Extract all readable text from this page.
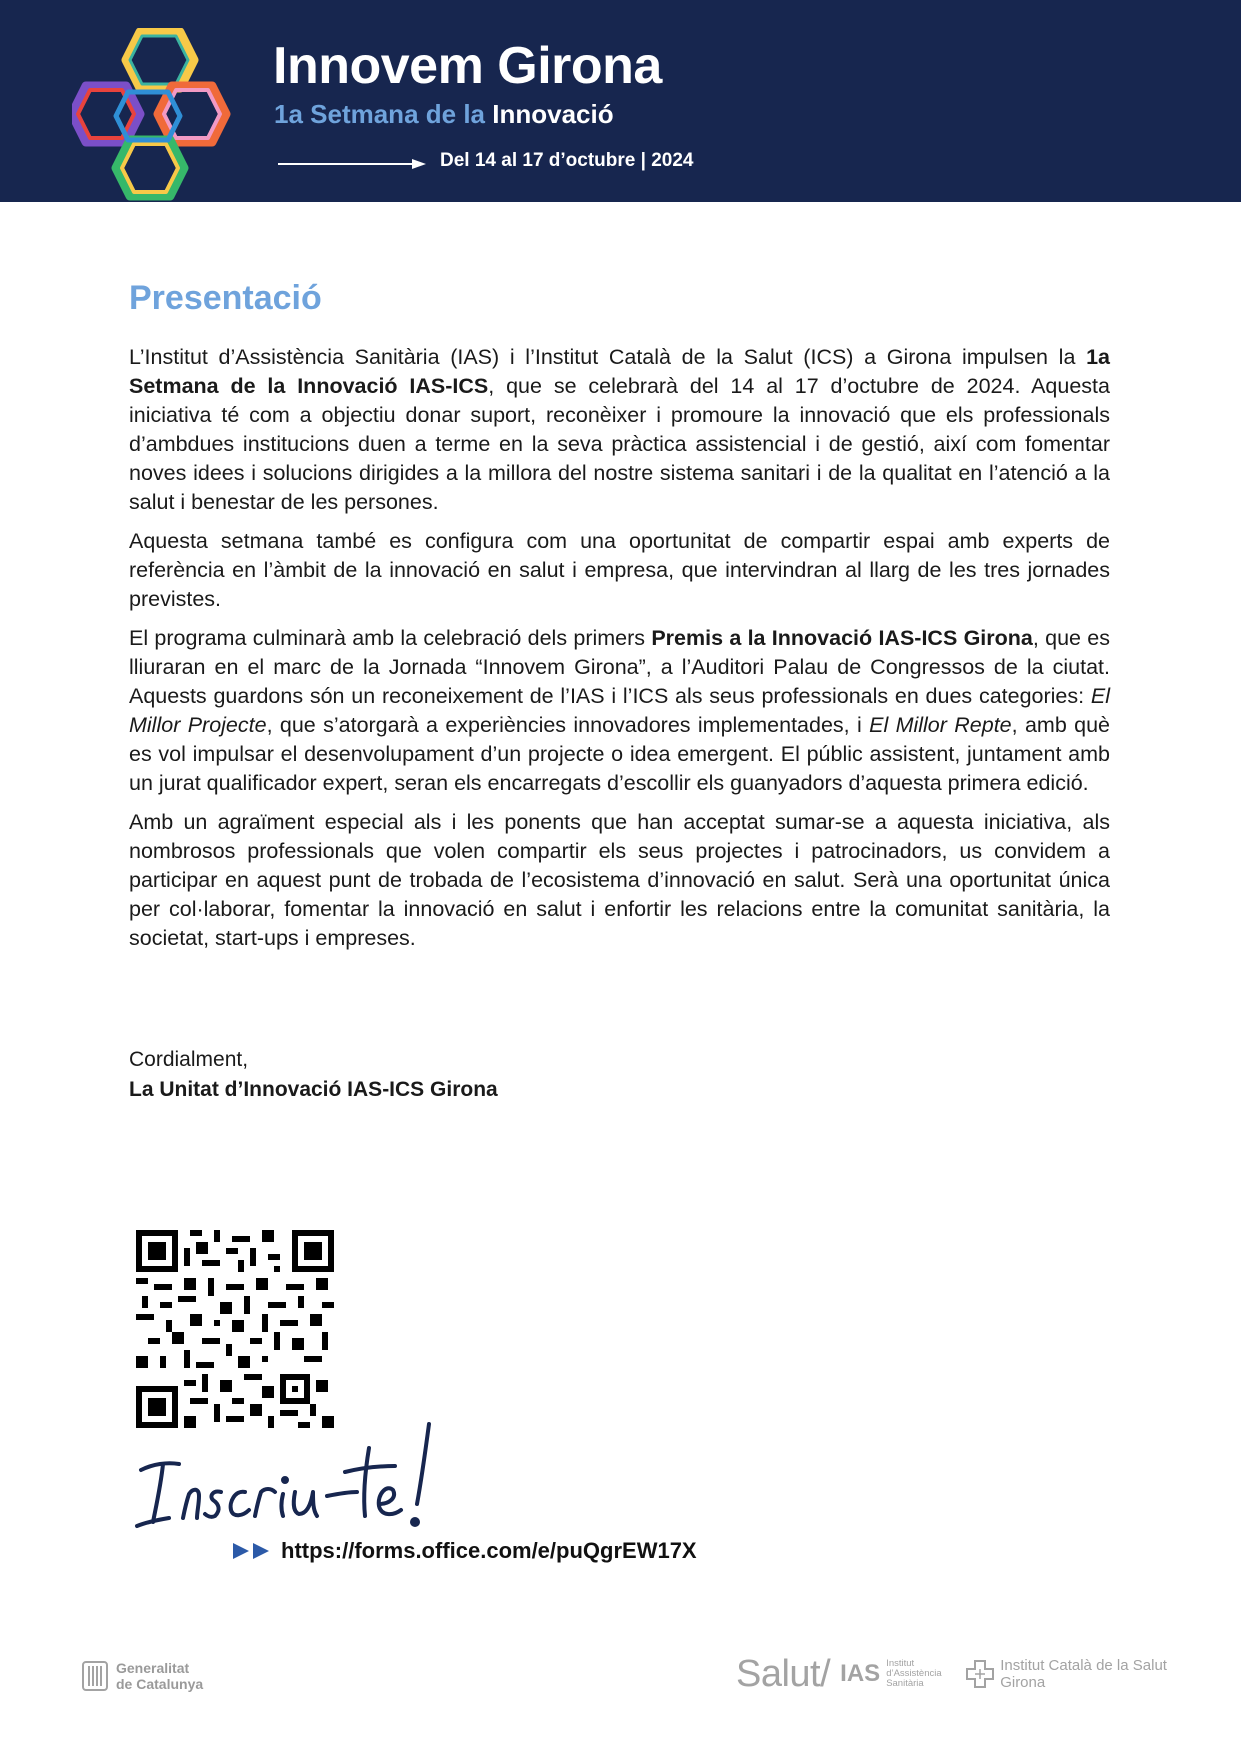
Innovem Girona
1a Setmana de la Innovació
Del 14 al 17 d’octubre | 2024
Presentació

L’Institut d’Assistència Sanitària (IAS) i l’Institut Català de la Salut (ICS) a Girona impulsen la 1a Setmana de la Innovació IAS-ICS, que se celebrarà del 14 al 17 d’octubre de 2024. Aquesta iniciativa té com a objectiu donar suport, reconèixer i promoure la innovació que els professionals d’ambdues institucions duen a terme en la seva pràctica assistencial i de gestió, així com fomentar noves idees i solucions dirigides a la millora del nostre sistema sanitari i de la qualitat en l’atenció a la salut i benestar de les persones.

Aquesta setmana també es configura com una oportunitat de compartir espai amb experts de referència en l’àmbit de la innovació en salut i empresa, que intervindran al llarg de les tres jornades previstes.

El programa culminarà amb la celebració dels primers Premis a la Innovació IAS-ICS Girona, que es lliuraran en el marc de la Jornada “Innovem Girona”, a l’Auditori Palau de Congressos de la ciutat. Aquests guardons són un reconeixement de l’IAS i l’ICS als seus professionals en dues categories: El Millor Projecte, que s’atorgarà a experiències innovadores implementades, i El Millor Repte, amb què es vol impulsar el desenvolupament d’un projecte o idea emergent. El públic assistent, juntament amb un jurat qualificador expert, seran els encarregats d’escollir els guanyadors d’aquesta primera edició.

Amb un agraïment especial als i les ponents que han acceptat sumar-se a aquesta iniciativa, als nombrosos professionals que volen compartir els seus projectes i patrocinadors, us convidem a participar en aquest punt de trobada de l’ecosistema d’innovació en salut. Serà una oportunitat única per col·laborar, fomentar la innovació en salut i enfortir les relacions entre la comunitat sanitària, la societat, start-ups i empreses.

Cordialment,
La Unitat d’Innovació IAS-ICS Girona
https://forms.office.com/e/puQgrEW17X
Generalitat
de Catalunya	Salut/ IAS Institut
d’Assistència
Sanitària
Institut Català de la Salut
Girona
